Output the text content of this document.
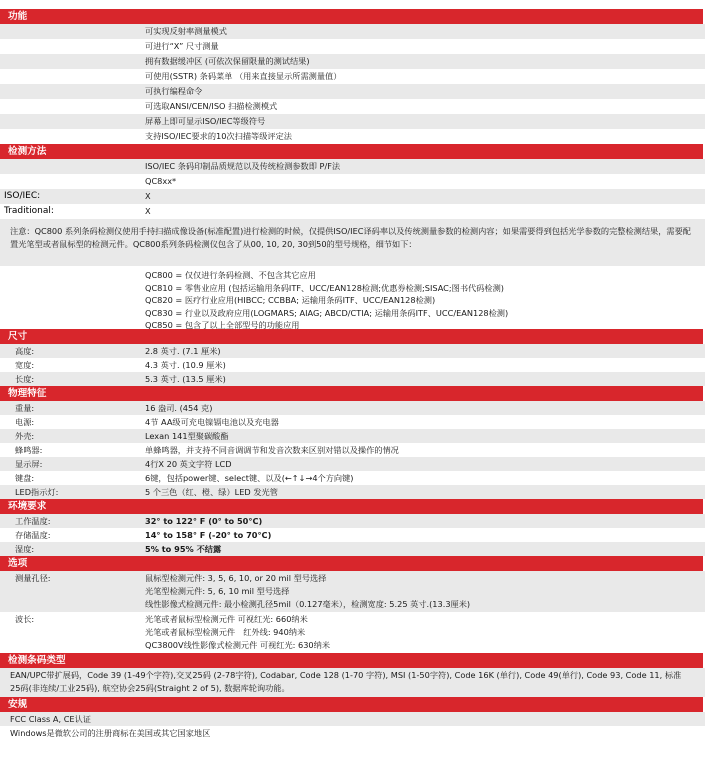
功能
可实现反射率测量模式
可进行“X” 尺寸测量
拥有数据缓冲区 (可依次保留限量的测试结果)
可使用(SSTR) 条码菜单 （用来直接显示所需测量值）
可执行编程命令
可选取ANSI/CEN/ISO 扫描检测模式
屏幕上即可显示ISO/IEC等级符号
支持ISO/IEC要求的10次扫描等级评定法
检测方法
ISO/IEC 条码印制品质规范以及传统检测参数即 P/F法
QC8xx*
ISO/IEC:	X
Traditional:	X
注意：QC800 系列条码检测仪使用手持扫描成像设备(标准配置)进行检测的时候，仅提供ISO/IEC译码率以及传统测量参数的检测内容；如果需要得到包括光学参数的完整检测结果，需要配置光笔型或者鼠标型的检测元件。QC800系列条码检测仪包含了从00, 10, 20, 30到50的型号规格，细节如下：
QC800 = 仅仅进行条码检测、不包含其它应用
QC810 = 零售业应用 (包括运输用条码ITF、UCC/EAN128检测;优惠券检测;SISAC;图书代码检测)
QC820 = 医疗行业应用(HIBCC; CCBBA; 运输用条码ITF、UCC/EAN128检测)
QC830 = 行业以及政府应用(LOGMARS; AIAG; ABCD/CTIA; 运输用条码ITF、UCC/EAN128检测)
QC850 = 包含了以上全部型号的功能应用
尺寸
高度:	2.8 英寸. (7.1 厘米)
宽度:	4.3 英寸. (10.9 厘米)
长度:	5.3 英寸. (13.5 厘米)
物理特征
重量:	16 盎司. (454 克)
电源:	4节 AA级可充电镍镉电池以及充电器
外壳:	Lexan 141型聚碳酸酯
蜂鸣器:	单蜂鸣器，并支持不同音调调节和发音次数来区别对错以及操作的情况
显示屏:	4行X 20 英文字符 LCD
键盘:	6键，包括power键、select键、以及(←↑↓→4个方向键)
LED指示灯:	5 个三色（红、橙、绿）LED 发光管
环境要求
工作温度:	32° to 122° F (0° to 50°C)
存储温度:	14° to 158° F (-20° to 70°C)
湿度:	5% to 95% 不结露
选项
测量孔径:	鼠标型检测元件: 3, 5, 6, 10, or 20 mil 型号选择
光笔型检测元件: 5, 6, 10 mil 型号选择
线性影像式检测元件: 最小检测孔径5mil（0.127毫米），检测宽度: 5.25 英寸.(13.3厘米)
波长:	光笔或者鼠标型检测元件 可视红光: 660纳米
光笔或者鼠标型检测元件　红外线: 940纳米
QC3800V线性影像式检测元件 可视红光: 630纳米
检测条码类型
EAN/UPC带扩展码，Code 39 (1-49个字符),交叉25码 (2-78字符), Codabar, Code 128 (1-70 字符), MSI (1-50字符), Code 16K (单行), Code 49(单行), Code 93, Code 11, 标准25码(非连续/工业25码), 航空协会25码(Straight 2 of 5), 数据库轮询功能。
安规
FCC Class A, CE认证
Windows是微软公司的注册商标在美国或其它国家地区
